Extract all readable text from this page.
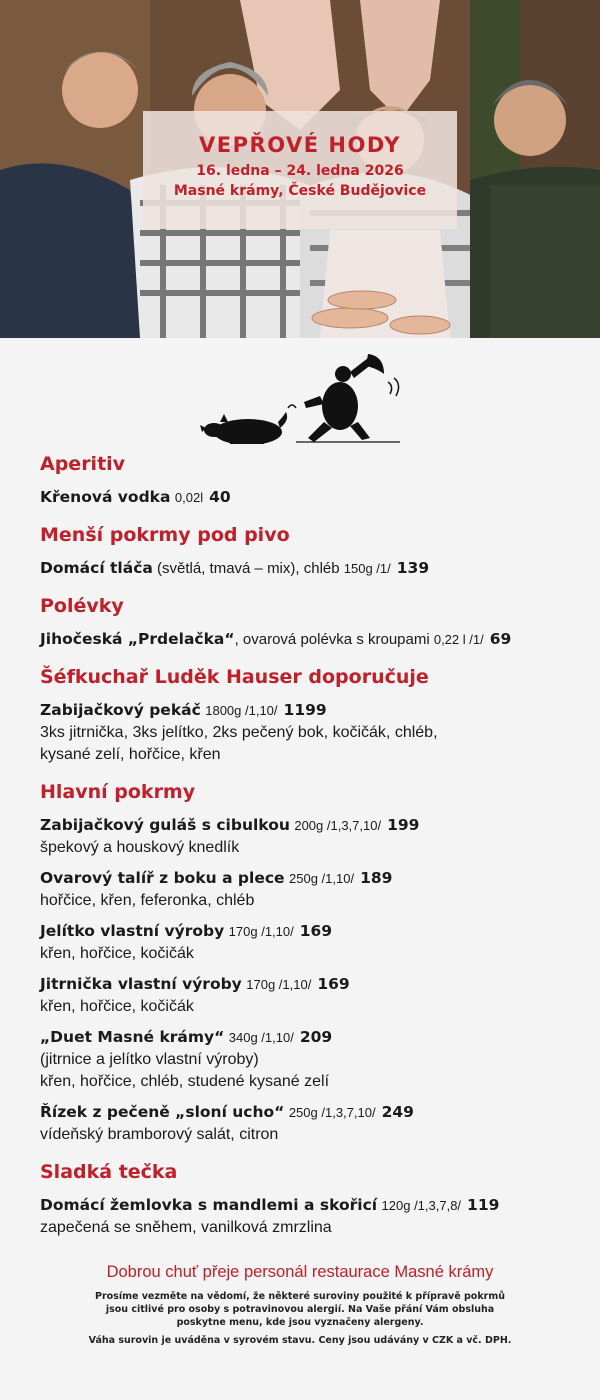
VEPŘOVÉ HODY
16. ledna – 24. ledna 2026
Masné krámy, České Budějovice
Aperitiv
Křenová vodka 0,02l 40
Menší pokrmy pod pivo
Domácí tláča (světlá, tmavá – mix), chléb 150g /1/ 139
Polévky
Jihočeská „Prdelačka“, ovarová polévka s kroupami 0,22 l /1/ 69
Šéfkuchař Luděk Hauser doporučuje
Zabijačkový pekáč 1800g /1,10/ 1199
3ks jitrnička, 3ks jelítko, 2ks pečený bok, kočičák, chléb,
kysané zelí, hořčice, křen
Hlavní pokrmy
Zabijačkový guláš s cibulkou 200g /1,3,7,10/ 199
špekový a houskový knedlík
Ovarový talíř z boku a plece 250g /1,10/ 189
hořčice, křen, feferonka, chléb
Jelítko vlastní výroby 170g /1,10/ 169
křen, hořčice, kočičák
Jitrnička vlastní výroby 170g /1,10/ 169
křen, hořčice, kočičák
„Duet Masné krámy“ 340g /1,10/ 209
(jitrnice a jelítko vlastní výroby)
křen, hořčice, chléb, studené kysané zelí
Řízek z pečeně „sloní ucho“ 250g /1,3,7,10/ 249
vídeňský bramborový salát, citron
Sladká tečka
Domácí žemlovka s mandlemi a skořicí 120g /1,3,7,8/ 119
zapečená se sněhem, vanilková zmrzlina
Dobrou chuť přeje personál restaurace Masné krámy
Prosíme vezměte na vědomí, že některé suroviny použité k přípravě pokrmů jsou citlivé pro osoby s potravinovou alergií. Na Vaše přání Vám obsluha poskytne menu, kde jsou vyznačeny alergeny.
Váha surovin je uváděna v syrovém stavu. Ceny jsou udávány v CZK a vč. DPH.
